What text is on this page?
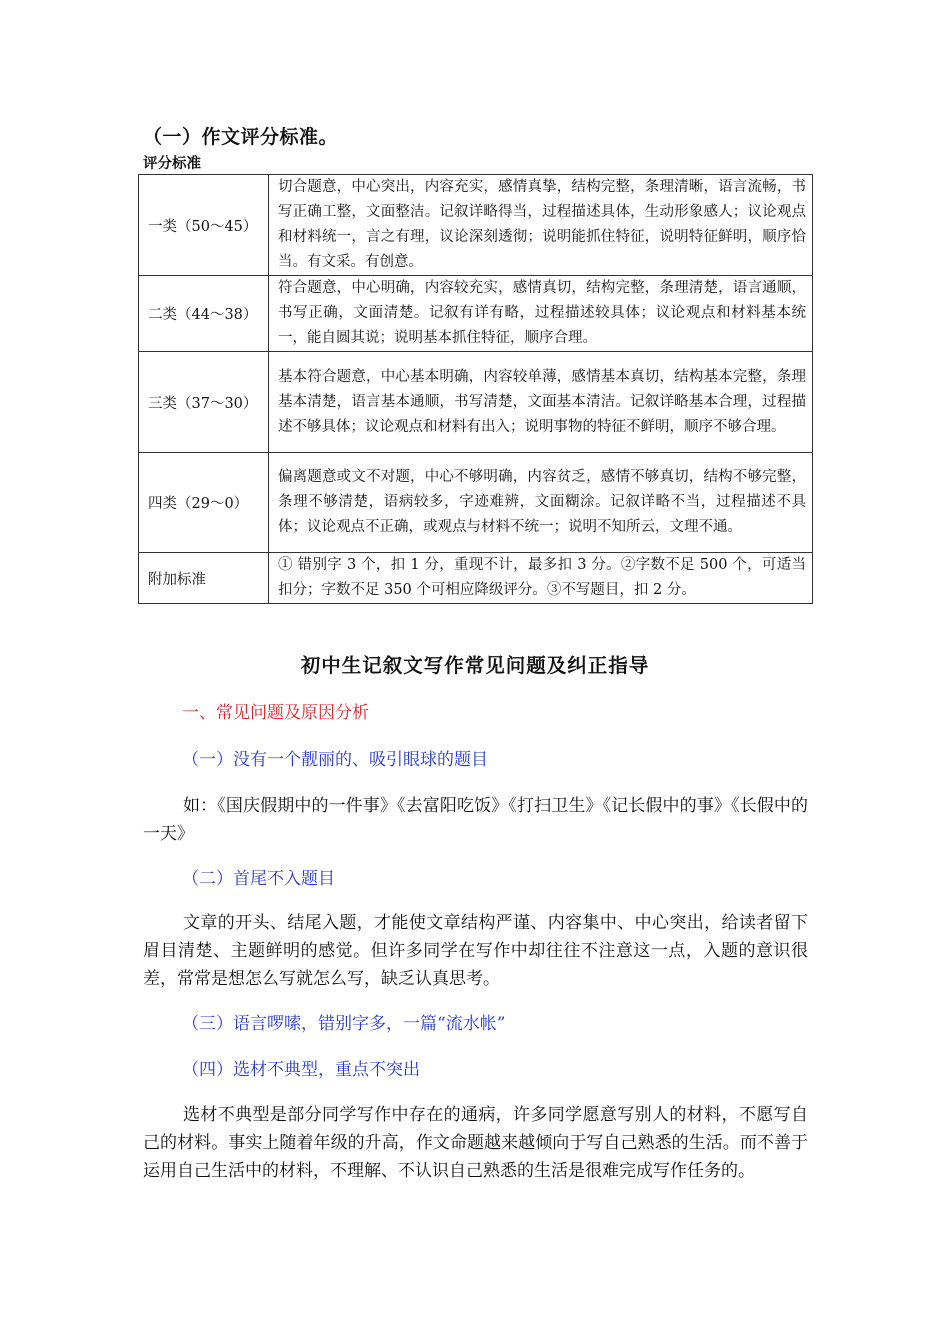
（一）作文评分标准。
评分标准
一类（50～45）	切合题意，中心突出，内容充实，感情真挚，结构完整，条理清晰，语言流畅，书写正确工整，文面整洁。记叙详略得当，过程描述具体，生动形象感人；议论观点和材料统一，言之有理，议论深刻透彻；说明能抓住特征，说明特征鲜明，顺序恰当。有文采。有创意。
二类（44～38）	符合题意，中心明确，内容较充实，感情真切，结构完整，条理清楚，语言通顺，书写正确，文面清楚。记叙有详有略，过程描述较具体；议论观点和材料基本统一，能自圆其说；说明基本抓住特征，顺序合理。
三类（37～30）	基本符合题意，中心基本明确，内容较单薄，感情基本真切，结构基本完整，条理基本清楚，语言基本通顺，书写清楚，文面基本清洁。记叙详略基本合理，过程描述不够具体；议论观点和材料有出入；说明事物的特征不鲜明，顺序不够合理。
四类（29～0）	偏离题意或文不对题，中心不够明确，内容贫乏，感情不够真切，结构不够完整，条理不够清楚，语病较多，字迹难辨，文面糊涂。记叙详略不当，过程描述不具体；议论观点不正确，或观点与材料不统一；说明不知所云，文理不通。
附加标准	① 错别字 3 个，扣 1 分，重现不计，最多扣 3 分。②字数不足 500 个，可适当扣分；字数不足 350 个可相应降级评分。③不写题目，扣 2 分。
初中生记叙文写作常见问题及纠正指导
一、常见问题及原因分析
（一）没有一个靓丽的、吸引眼球的题目
如：《国庆假期中的一件事》《去富阳吃饭》《打扫卫生》《记长假中的事》《长假中的一天》
（二）首尾不入题目
文章的开头、结尾入题，才能使文章结构严谨、内容集中、中心突出，给读者留下眉目清楚、主题鲜明的感觉。但许多同学在写作中却往往不注意这一点，入题的意识很差，常常是想怎么写就怎么写，缺乏认真思考。
（三）语言啰嗦，错别字多，一篇“流水帐”
（四）选材不典型，重点不突出
选材不典型是部分同学写作中存在的通病，许多同学愿意写别人的材料，不愿写自己的材料。事实上随着年级的升高，作文命题越来越倾向于写自己熟悉的生活。而不善于运用自己生活中的材料，不理解、不认识自己熟悉的生活是很难完成写作任务的。
